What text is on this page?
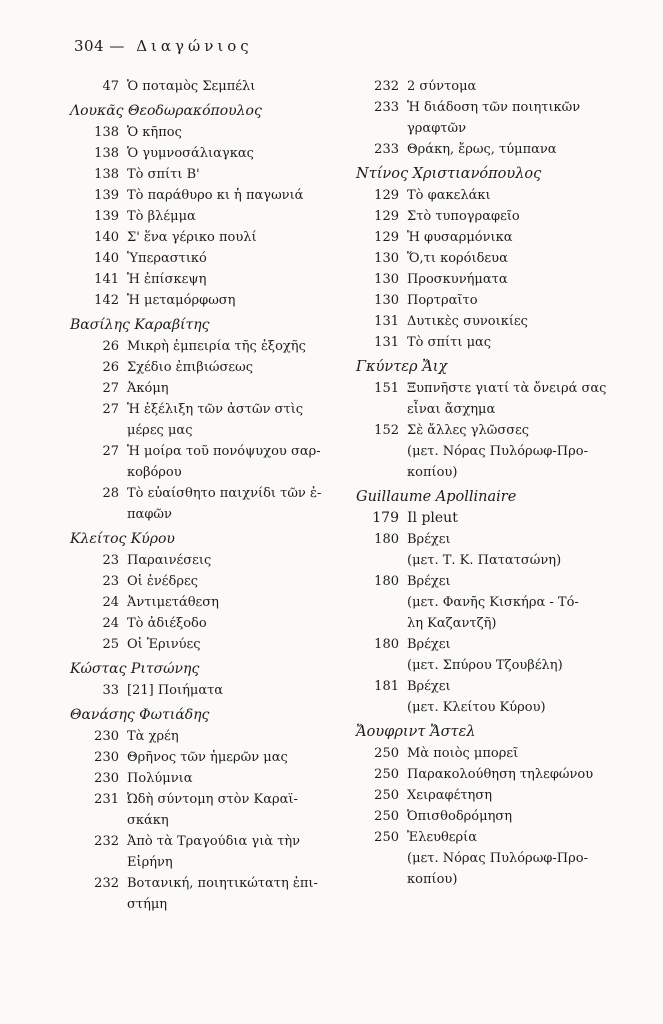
304 — Διαγώνιος
47 Ὁ ποταμὸς Σεμπέλι
Λουκᾶς Θεοδωρακόπουλος
138 Ὁ κῆπος
138 Ὁ γυμνοσάλιαγκας
138 Τὸ σπίτι Β'
139 Τὸ παράθυρο κι ἡ παγωνιά
139 Τὸ βλέμμα
140 Σ' ἕνα γέρικο πουλί
140 Ὑπεραστικό
141 Ἡ ἐπίσκεψη
142 Ἡ μεταμόρφωση
Βασίλης Καραβίτης
26 Μικρὴ ἐμπειρία τῆς ἐξοχῆς
26 Σχέδιο ἐπιβιώσεως
27 Ἀκόμη
27 Ἡ ἐξέλιξη τῶν ἀστῶν στὶς
μέρες μας
27 Ἡ μοίρα τοῦ πονόψυχου σαρ-
κοβόρου
28 Τὸ εὐαίσθητο παιχνίδι τῶν ἐ-
παφῶν
Κλείτος Κύρου
23 Παραινέσεις
23 Οἱ ἐνέδρες
24 Ἀντιμετάθεση
24 Τὸ ἀδιέξοδο
25 Οἱ Ἐρινύες
Κώστας Ριτσώνης
33 [21] Ποιήματα
Θανάσης Φωτιάδης
230 Τὰ χρέη
230 Θρῆνος τῶν ἡμερῶν μας
230 Πολύμνια
231 Ὠδὴ σύντομη στὸν Καραϊ-
σκάκη
232 Ἀπὸ τὰ Τραγούδια γιὰ τὴν
Εἰρήνη
232 Βοτανική, ποιητικώτατη ἐπι-
στήμη
232 2 σύντομα
233 Ἡ διάδοση τῶν ποιητικῶν
γραφτῶν
233 Θράκη, ἔρως, τύμπανα
Ντίνος Χριστιανόπουλος
129 Τὸ φακελάκι
129 Στὸ τυπογραφεῖο
129 Ἡ φυσαρμόνικα
130 Ὅ,τι κορόιδευα
130 Προσκυνήματα
130 Πορτραῖτο
131 Δυτικὲς συνοικίες
131 Τὸ σπίτι μας
Γκύντερ Ἄιχ
151 Ξυπνῆστε γιατί τὰ ὄνειρά σας
εἶναι ἄσχημα
152 Σὲ ἄλλες γλῶσσες
(μετ. Νόρας Πυλόρωφ-Προ-
κοπίου)
Guillaume Apollinaire
179 Il pleut
180 Βρέχει
(μετ. Τ. Κ. Πατατσώνη)
180 Βρέχει
(μετ. Φανῆς Κισκήρα - Τό-
λη Καζαντζῆ)
180 Βρέχει
(μετ. Σπύρου Τζουβέλη)
181 Βρέχει
(μετ. Κλείτου Κύρου)
Ἄουφριντ Ἄστελ
250 Μὰ ποιὸς μπορεῖ
250 Παρακολούθηση τηλεφώνου
250 Χειραφέτηση
250 Ὀπισθοδρόμηση
250 Ἐλευθερία
(μετ. Νόρας Πυλόρωφ-Προ-
κοπίου)
